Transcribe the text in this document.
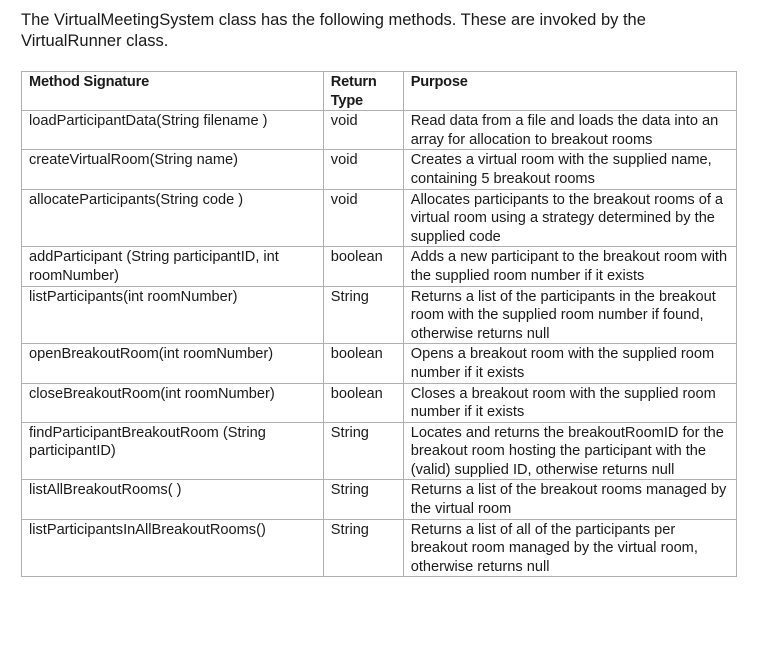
The VirtualMeetingSystem class has the following methods. These are invoked by the VirtualRunner class.

Method Signature	Return Type	Purpose
loadParticipantData(String filename )	void	Read data from a file and loads the data into an array for allocation to breakout rooms
createVirtualRoom(String name)	void	Creates a virtual room with the supplied name, containing 5 breakout rooms
allocateParticipants(String code )	void	Allocates participants to the breakout rooms of a virtual room using a strategy determined by the supplied code
addParticipant (String participantID, int roomNumber)	boolean	Adds a new participant to the breakout room with the supplied room number if it exists
listParticipants(int roomNumber)	String	Returns a list of the participants in the breakout room with the supplied room number if found, otherwise returns null
openBreakoutRoom(int roomNumber)	boolean	Opens a breakout room with the supplied room number if it exists
closeBreakoutRoom(int roomNumber)	boolean	Closes a breakout room with the supplied room number if it exists
findParticipantBreakoutRoom (String participantID)	String	Locates and returns the breakoutRoomID for the breakout room hosting the participant with the (valid) supplied ID, otherwise returns null
listAllBreakoutRooms( )	String	Returns a list of the breakout rooms managed by the virtual room
listParticipantsInAllBreakoutRooms()	String	Returns a list of all of the participants per breakout room managed by the virtual room, otherwise returns null
